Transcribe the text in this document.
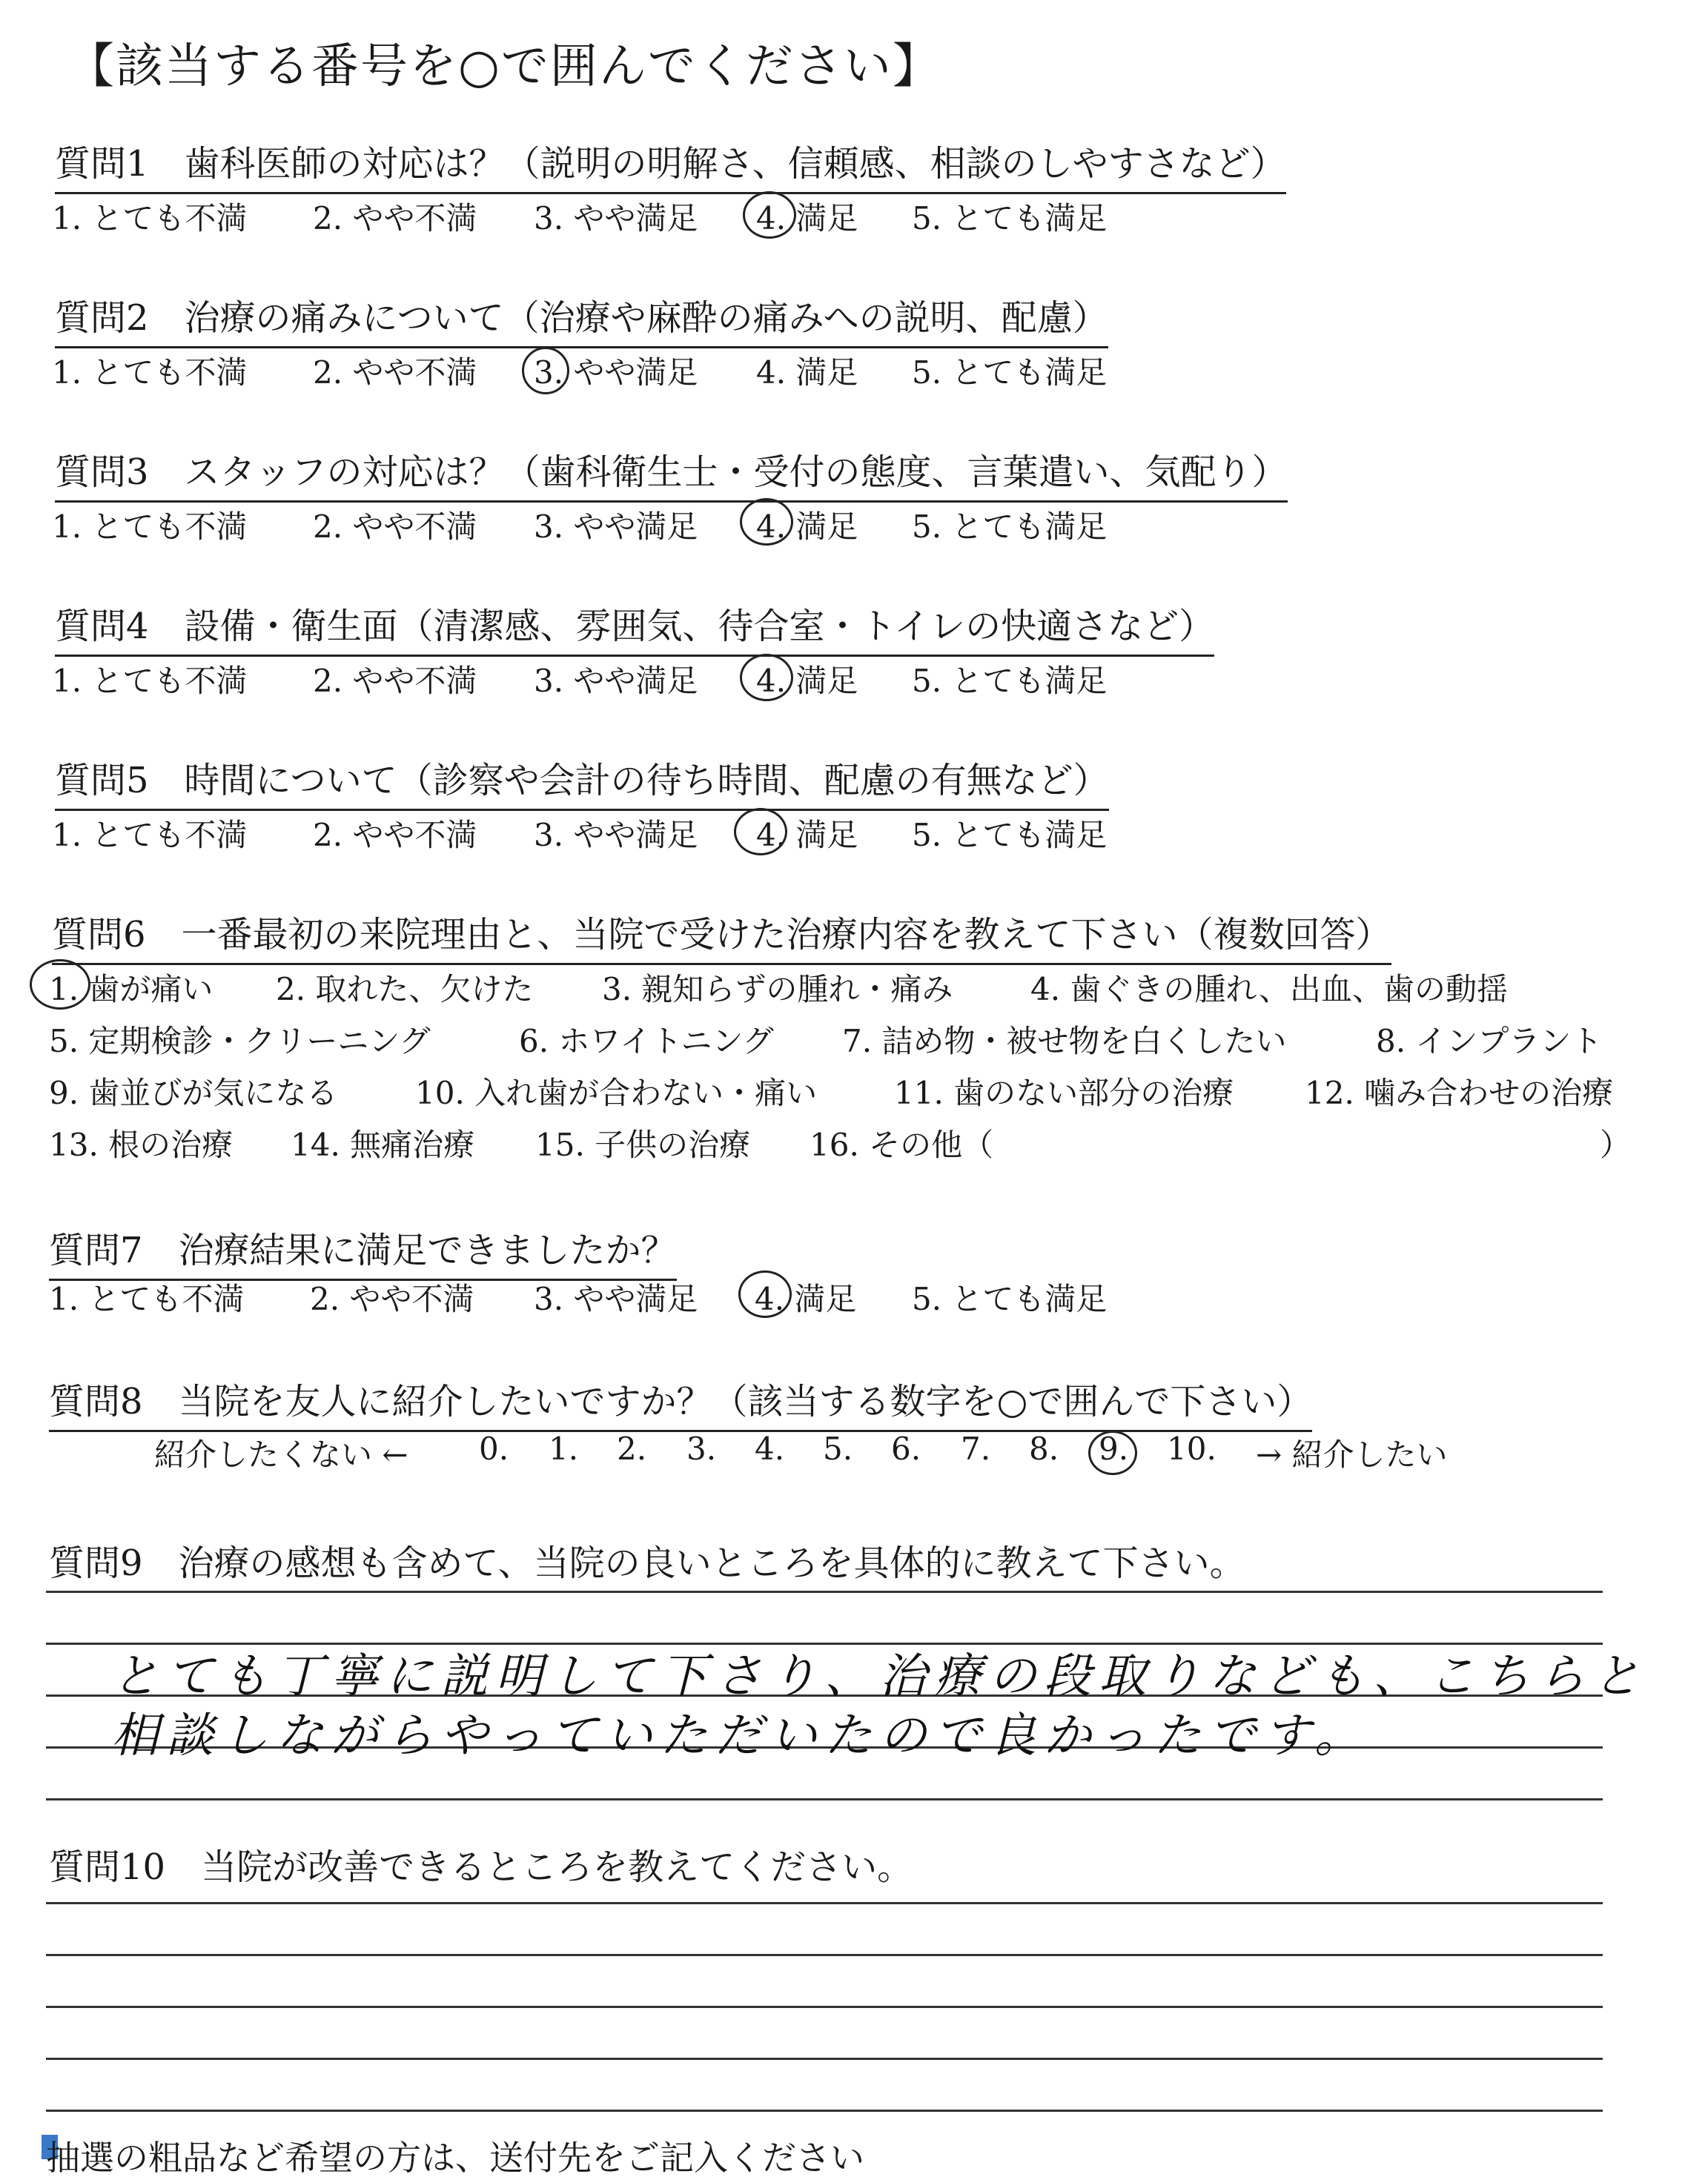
【該当する番号を○で囲んでください】
質問1　歯科医師の対応は？（説明の明解さ、信頼感、相談のしやすさなど）
1. とても不満 2. やや不満 3. やや満足 4. 満足 5. とても満足
質問2　治療の痛みについて（治療や麻酔の痛みへの説明、配慮）
1. とても不満 2. やや不満 3. やや満足 4. 満足 5. とても満足
質問3　スタッフの対応は？（歯科衛生士・受付の態度、言葉遣い、気配り）
1. とても不満 2. やや不満 3. やや満足 4. 満足 5. とても満足
質問4　設備・衛生面（清潔感、雰囲気、待合室・トイレの快適さなど）
1. とても不満 2. やや不満 3. やや満足 4. 満足 5. とても満足
質問5　時間について（診察や会計の待ち時間、配慮の有無など）
1. とても不満 2. やや不満 3. やや満足 4. 満足 5. とても満足
質問6　一番最初の来院理由と、当院で受けた治療内容を教えて下さい（複数回答）
1. 歯が痛い 2. 取れた、欠けた 3. 親知らずの腫れ・痛み 4. 歯ぐきの腫れ、出血、歯の動揺
5. 定期検診・クリーニング	6. ホワイトニング 7. 詰め物・被せ物を白くしたい	8. インプラント
9. 歯並びが気になる 10. 入れ歯が合わない・痛い 11. 歯のない部分の治療 12. 噛み合わせの治療
13. 根の治療 14. 無痛治療 15. 子供の治療 16. その他（	）
質問7　治療結果に満足できましたか？
1. とても不満 2. やや不満 3. やや満足 4. 満足 5. とても満足
質問8　当院を友人に紹介したいですか？（該当する数字を○で囲んで下さい）
紹介したくない ← 0. 1. 2. 3. 4. 5. 6. 7. 8. 9. 10. → 紹介したい
質問9　治療の感想も含めて、当院の良いところを具体的に教えて下さい。
とても丁寧に説明して下さり、治療の段取りなども、こちらと
相談しながらやっていただいたので良かったです。
質問10　当院が改善できるところを教えてください。
抽選の粗品など希望の方は、送付先をご記入ください
